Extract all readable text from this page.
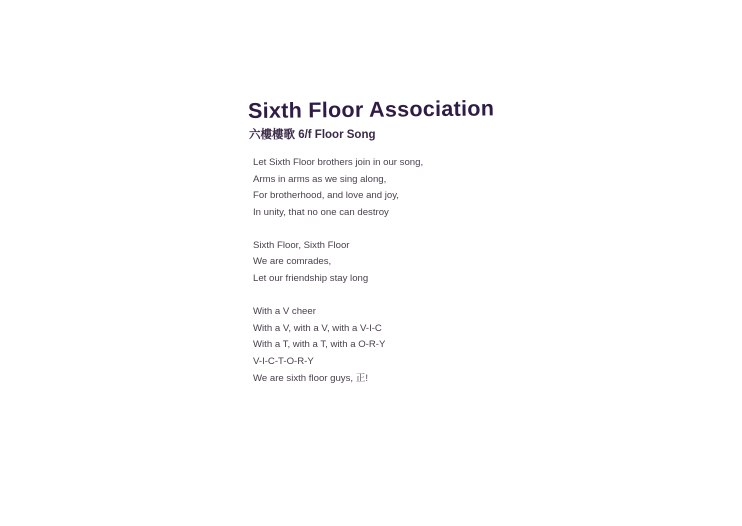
Sixth Floor Association
六樓樓歌 6/f Floor Song
Let Sixth Floor brothers join in our song,
Arms in arms as we sing along,
For brotherhood, and love and joy,
In unity, that no one can destroy
Sixth Floor, Sixth Floor
We are comrades,
Let our friendship stay long
With a V cheer
With a V, with a V, with a V-I-C
With a T, with a T, with a O-R-Y
V-I-C-T-O-R-Y
We are sixth floor guys, 正!
